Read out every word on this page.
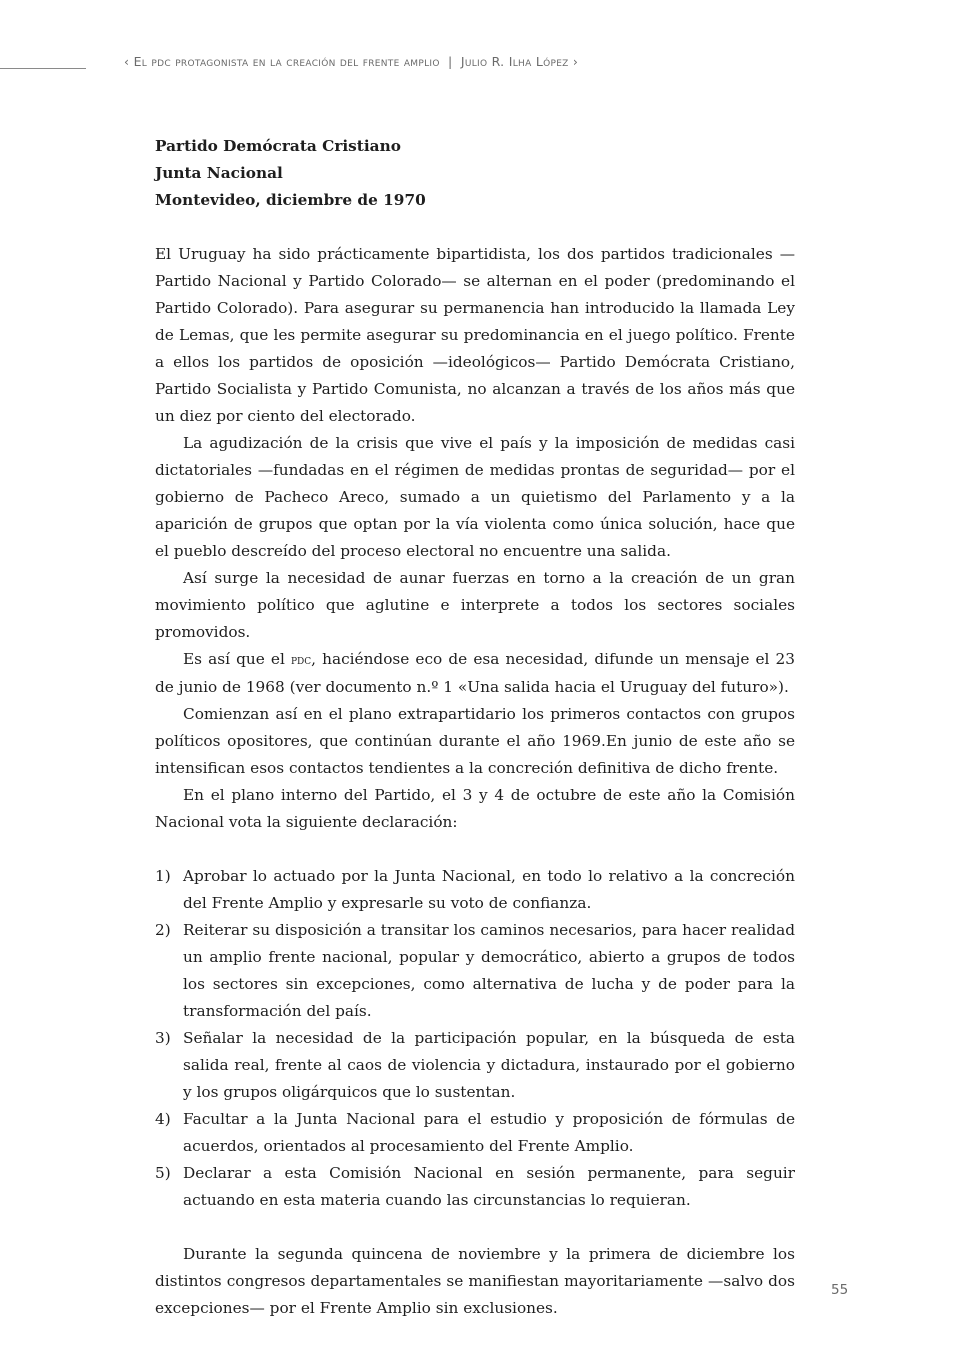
‹ El pdc protagonista en la creación del frente amplio | Julio R. Ilha López ›
Partido Demócrata Cristiano
Junta Nacional
Montevideo, diciembre de 1970

El Uruguay ha sido prácticamente bipartidista, los dos partidos tradicionales —Partido Nacional y Partido Colorado— se alternan en el poder (predominando el Partido Colorado). Para asegurar su permanencia han introducido la llamada Ley de Lemas, que les permite asegurar su predominancia en el juego político. Frente a ellos los partidos de oposición —ideológicos— Partido Demócrata Cristiano, Partido Socialista y Partido Comunista, no alcanzan a través de los años más que un diez por ciento del electorado.

La agudización de la crisis que vive el país y la imposición de medidas casi dictatoriales —fundadas en el régimen de medidas prontas de seguridad— por el gobierno de Pacheco Areco, sumado a un quietismo del Parlamento y a la aparición de grupos que optan por la vía violenta como única solución, hace que el pueblo descreído del proceso electoral no encuentre una salida.

Así surge la necesidad de aunar fuerzas en torno a la creación de un gran movimiento político que aglutine e interprete a todos los sectores sociales promovidos.

Es así que el pdc, haciéndose eco de esa necesidad, difunde un mensaje el 23 de junio de 1968 (ver documento n.º 1 «Una salida hacia el Uruguay del futuro»).

Comienzan así en el plano extrapartidario los primeros contactos con grupos políticos opositores, que continúan durante el año 1969.En junio de este año se intensifican esos contactos tendientes a la concreción definitiva de dicho frente.

En el plano interno del Partido, el 3 y 4 de octubre de este año la Comisión Nacional vota la siguiente declaración:

1) Aprobar lo actuado por la Junta Nacional, en todo lo relativo a la concreción del Frente Amplio y expresarle su voto de confianza.
2) Reiterar su disposición a transitar los caminos necesarios, para hacer realidad un amplio frente nacional, popular y democrático, abierto a grupos de todos los sectores sin excepciones, como alternativa de lucha y de poder para la transformación del país.
3) Señalar la necesidad de la participación popular, en la búsqueda de esta salida real, frente al caos de violencia y dictadura, instaurado por el gobierno y los grupos oligárquicos que lo sustentan.
4) Facultar a la Junta Nacional para el estudio y proposición de fórmulas de acuerdos, orientados al procesamiento del Frente Amplio.
5) Declarar a esta Comisión Nacional en sesión permanente, para seguir actuando en esta materia cuando las circunstancias lo requieran.

Durante la segunda quincena de noviembre y la primera de diciembre los distintos congresos departamentales se manifiestan mayoritariamente —salvo dos excepciones— por el Frente Amplio sin exclusiones.

55
